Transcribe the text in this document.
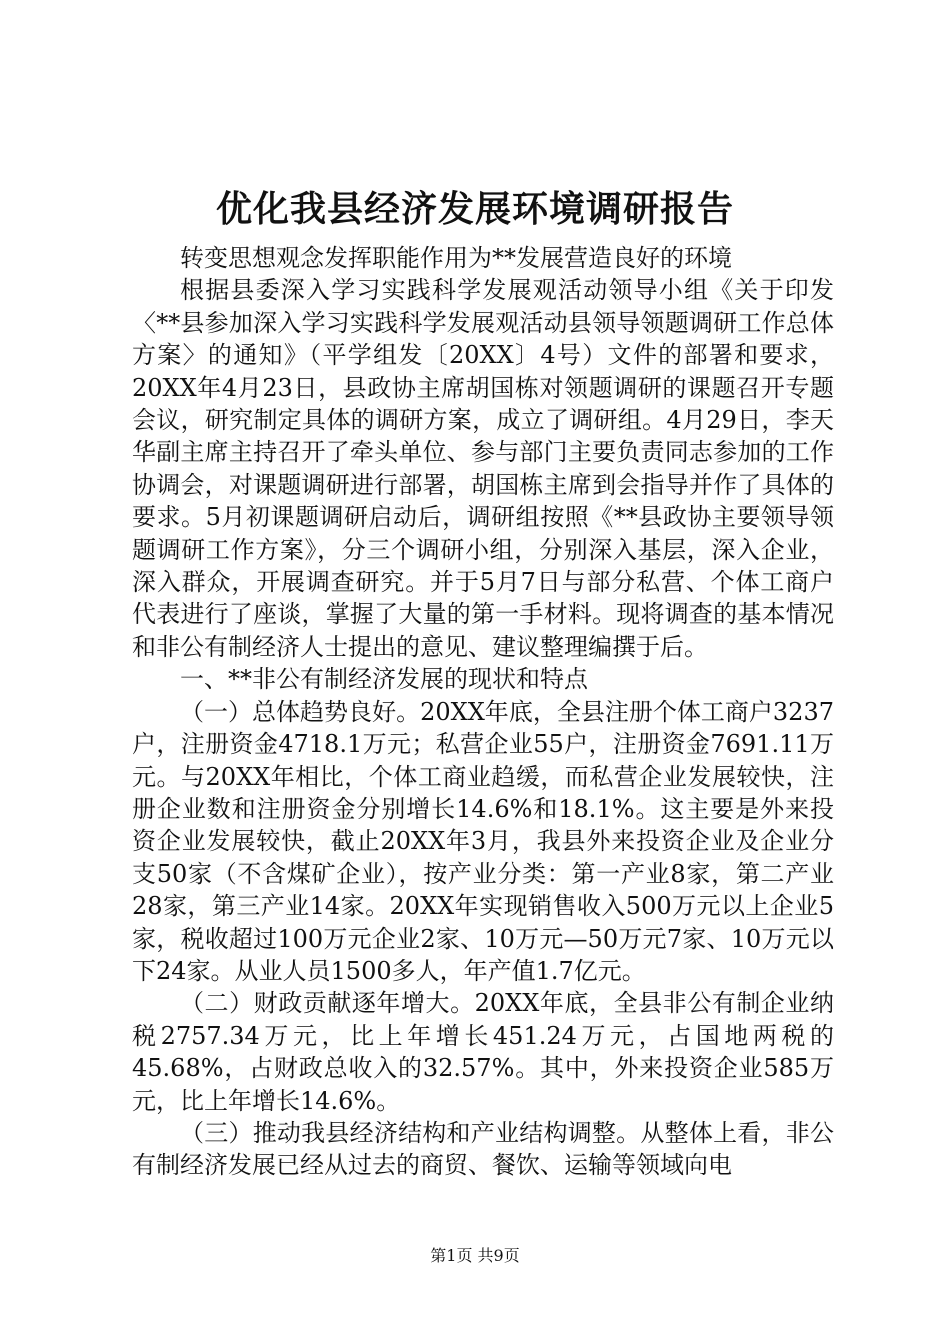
优化我县经济发展环境调研报告

转变思想观念发挥职能作用为**发展营造良好的环境

根据县委深入学习实践科学发展观活动领导小组《关于印发〈**县参加深入学习实践科学发展观活动县领导领题调研工作总体方案〉的通知》（平学组发〔20XX〕4号）文件的部署和要求，20XX年4月23日，县政协主席胡国栋对领题调研的课题召开专题会议，研究制定具体的调研方案，成立了调研组。4月29日，李天华副主席主持召开了牵头单位、参与部门主要负责同志参加的工作协调会，对课题调研进行部署，胡国栋主席到会指导并作了具体的要求。5月初课题调研启动后，调研组按照《**县政协主要领导领题调研工作方案》，分三个调研小组，分别深入基层，深入企业，深入群众，开展调查研究。并于5月7日与部分私营、个体工商户代表进行了座谈，掌握了大量的第一手材料。现将调查的基本情况和非公有制经济人士提出的意见、建议整理编撰于后。

一、**非公有制经济发展的现状和特点

（一）总体趋势良好。20XX年底，全县注册个体工商户3237户，注册资金4718.1万元；私营企业55户，注册资金7691.11万元。与20XX年相比，个体工商业趋缓，而私营企业发展较快，注册企业数和注册资金分别增长14.6%和18.1%。这主要是外来投资企业发展较快，截止20XX年3月，我县外来投资企业及企业分支50家（不含煤矿企业），按产业分类：第一产业8家，第二产业28家，第三产业14家。20XX年实现销售收入500万元以上企业5家，税收超过100万元企业2家、10万元—50万元7家、10万元以下24家。从业人员1500多人，年产值1.7亿元。

（二）财政贡献逐年增大。20XX年底，全县非公有制企业纳税2757.34万元，比上年增长451.24万元，占国地两税的45.68%，占财政总收入的32.57%。其中，外来投资企业585万元，比上年增长14.6%。

（三）推动我县经济结构和产业结构调整。从整体上看，非公有制经济发展已经从过去的商贸、餐饮、运输等领域向电

第1页 共9页
